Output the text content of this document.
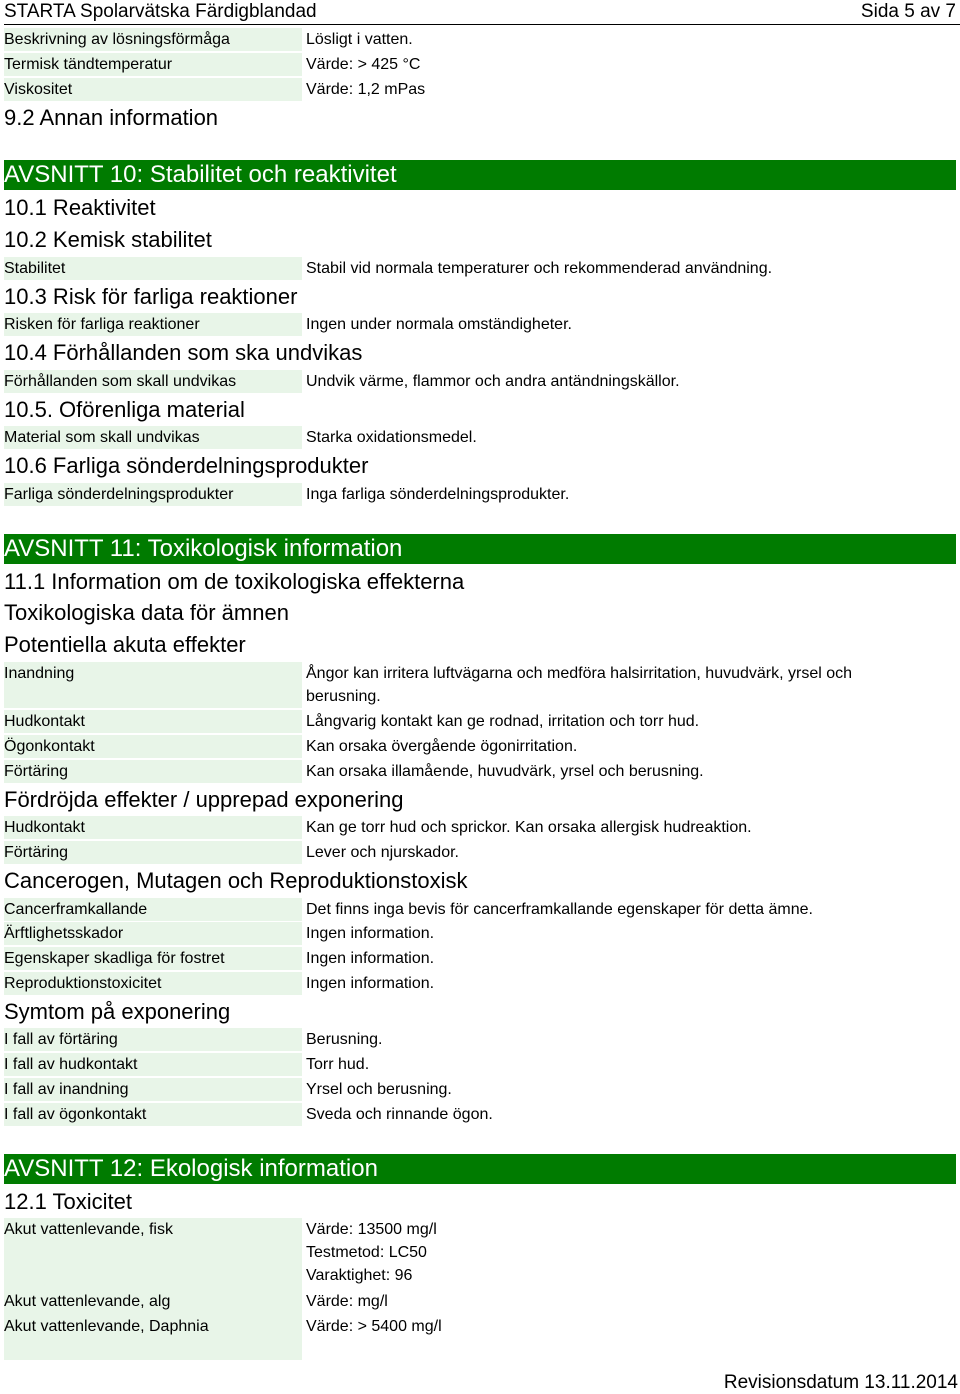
STARTA Spolarvätska Färdigblandad	Sida 5 av 7
Beskrivning av lösningsförmåga	Lösligt i vatten.
Termisk tändtemperatur	Värde: > 425 °C
Viskositet	Värde: 1,2 mPas
9.2 Annan information
AVSNITT 10: Stabilitet och reaktivitet
10.1 Reaktivitet
10.2 Kemisk stabilitet
Stabilitet	Stabil vid normala temperaturer och rekommenderad användning.
10.3 Risk för farliga reaktioner
Risken för farliga reaktioner	Ingen under normala omständigheter.
10.4 Förhållanden som ska undvikas
Förhållanden som skall undvikas	Undvik värme, flammor och andra antändningskällor.
10.5. Oförenliga material
Material som skall undvikas	Starka oxidationsmedel.
10.6 Farliga sönderdelningsprodukter
Farliga sönderdelningsprodukter	Inga farliga sönderdelningsprodukter.
AVSNITT 11: Toxikologisk information
11.1 Information om de toxikologiska effekterna
Toxikologiska data för ämnen
Potentiella akuta effekter
Inandning	Ångor kan irritera luftvägarna och medföra halsirritation, huvudvärk, yrsel och
berusning.
Hudkontakt	Långvarig kontakt kan ge rodnad, irritation och torr hud.
Ögonkontakt	Kan orsaka övergående ögonirritation.
Förtäring	Kan orsaka illamående, huvudvärk, yrsel och berusning.
Fördröjda effekter / upprepad exponering
Hudkontakt	Kan ge torr hud och sprickor. Kan orsaka allergisk hudreaktion.
Förtäring	Lever och njurskador.
Cancerogen, Mutagen och Reproduktionstoxisk
Cancerframkallande	Det finns inga bevis för cancerframkallande egenskaper för detta ämne.
Ärftlighetsskador	Ingen information.
Egenskaper skadliga för fostret	Ingen information.
Reproduktionstoxicitet	Ingen information.
Symtom på exponering
I fall av förtäring	Berusning.
I fall av hudkontakt	Torr hud.
I fall av inandning	Yrsel och berusning.
I fall av ögonkontakt	Sveda och rinnande ögon.
AVSNITT 12: Ekologisk information
12.1 Toxicitet
Akut vattenlevande, fisk	Värde: 13500 mg/l
Testmetod: LC50
Varaktighet: 96
Akut vattenlevande, alg	Värde: mg/l
Akut vattenlevande, Daphnia	Värde: > 5400 mg/l
Revisionsdatum 13.11.2014
